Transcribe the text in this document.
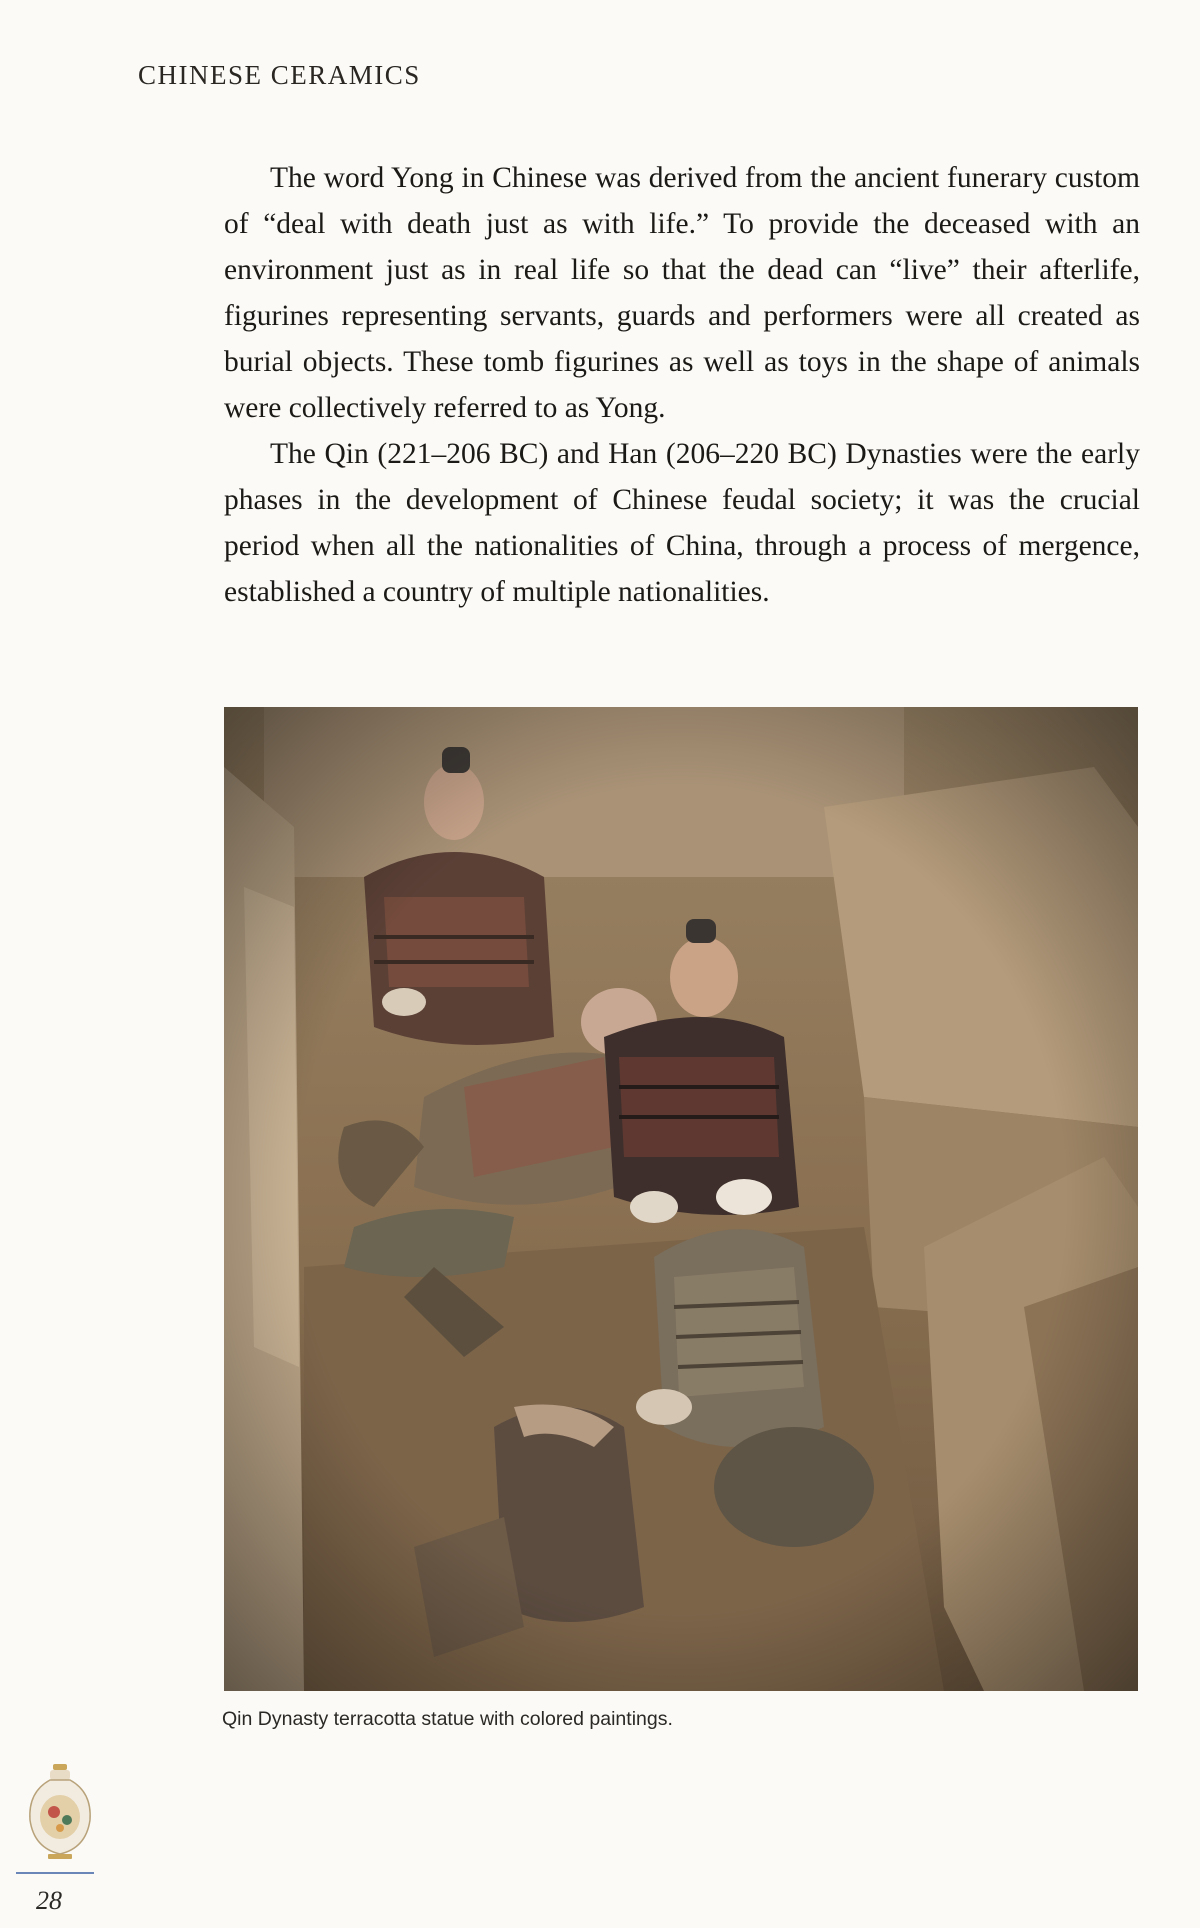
CHINESE CERAMICS

The word Yong in Chinese was derived from the ancient funerary custom of “deal with death just as with life.” To provide the deceased with an environment just as in real life so that the dead can “live” their afterlife, figurines representing servants, guards and performers were all created as burial objects. These tomb figurines as well as toys in the shape of animals were collectively referred to as Yong.

The Qin (221–206 BC) and Han (206–220 BC) Dynasties were the early phases in the development of Chinese feudal society; it was the crucial period when all the nationalities of China, through a process of mergence, established a country of multiple nationalities.

Qin Dynasty terracotta statue with colored paintings.
28
